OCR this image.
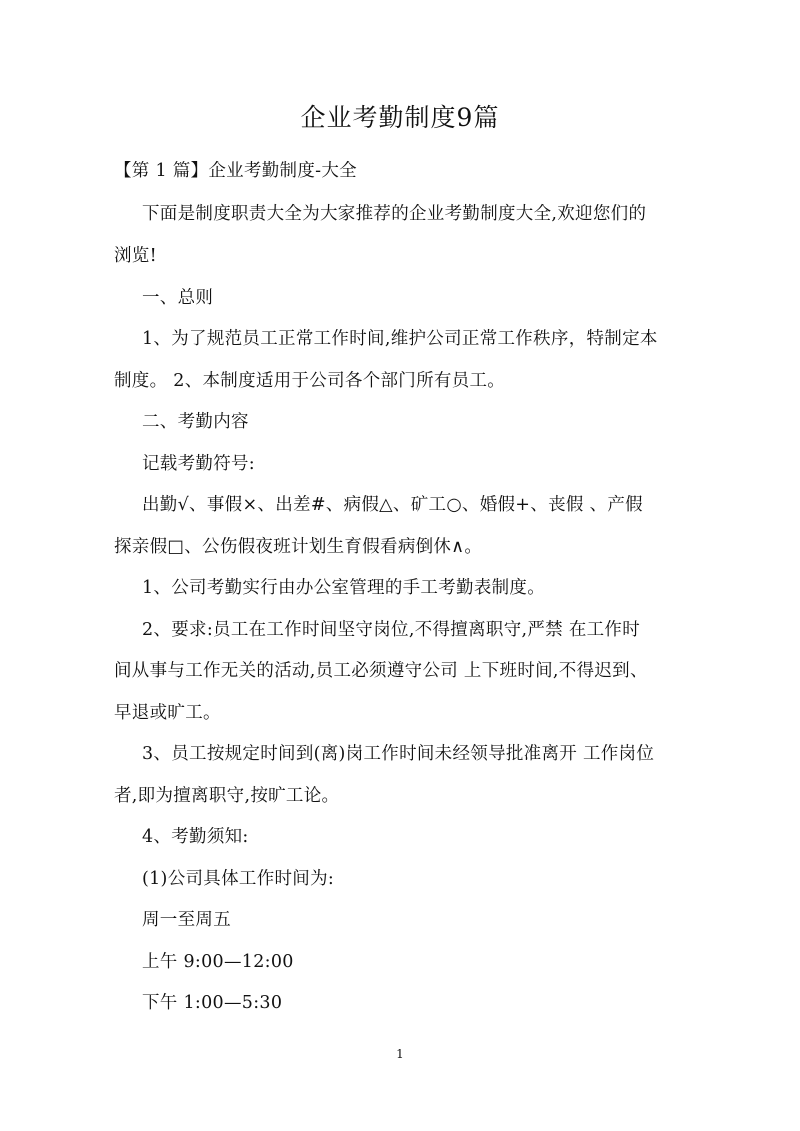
企业考勤制度9篇
【第 1 篇】企业考勤制度-大全
下面是制度职责大全为大家推荐的企业考勤制度大全,欢迎您们的
浏览!
一、总则
1、为了规范员工正常工作时间,维护公司正常工作秩序，特制定本
制度。 2、本制度适用于公司各个部门所有员工。
二、考勤内容
记载考勤符号:
出勤√、事假×、出差#、病假△、矿工○、婚假+、丧假 、产假
探亲假□、公伤假夜班计划生育假看病倒休∧。
1、公司考勤实行由办公室管理的手工考勤表制度。
2、要求:员工在工作时间坚守岗位,不得擅离职守,严禁 在工作时
间从事与工作无关的活动,员工必须遵守公司 上下班时间,不得迟到、
早退或旷工。
3、员工按规定时间到(离)岗工作时间未经领导批准离开 工作岗位
者,即为擅离职守,按旷工论。
4、考勤须知:
(1)公司具体工作时间为:
周一至周五
上午 9:00—12:00
下午 1:00—5:30
1
